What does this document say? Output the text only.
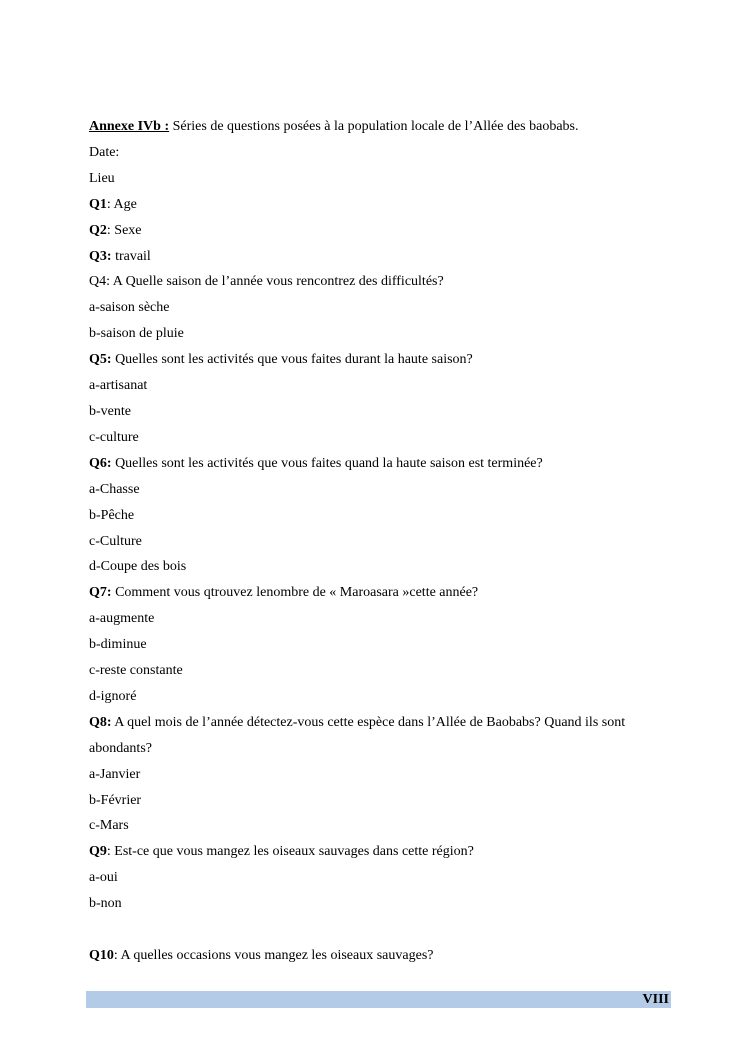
Annexe IVb : Séries de questions posées à la population locale de l’Allée des baobabs.
Date:
Lieu
Q1: Age
Q2: Sexe
Q3: travail
Q4: A Quelle saison de l’année vous rencontrez des difficultés?
a-saison sèche
b-saison de pluie
Q5: Quelles sont les activités que vous faites durant la haute saison?
a-artisanat
b-vente
c-culture
Q6: Quelles sont les activités que vous faites quand la haute saison est terminée?
a-Chasse
b-Pêche
c-Culture
d-Coupe des bois
Q7: Comment vous qtrouvez lenombre de « Maroasara »cette année?
a-augmente
b-diminue
c-reste constante
d-ignoré
Q8: A quel mois de l’année détectez-vous cette espèce dans l’Allée de Baobabs? Quand ils sont abondants?
a-Janvier
b-Février
c-Mars
Q9: Est-ce que vous mangez les oiseaux sauvages dans cette région?
a-oui
b-non
Q10: A quelles occasions vous mangez les oiseaux sauvages?
VIII
